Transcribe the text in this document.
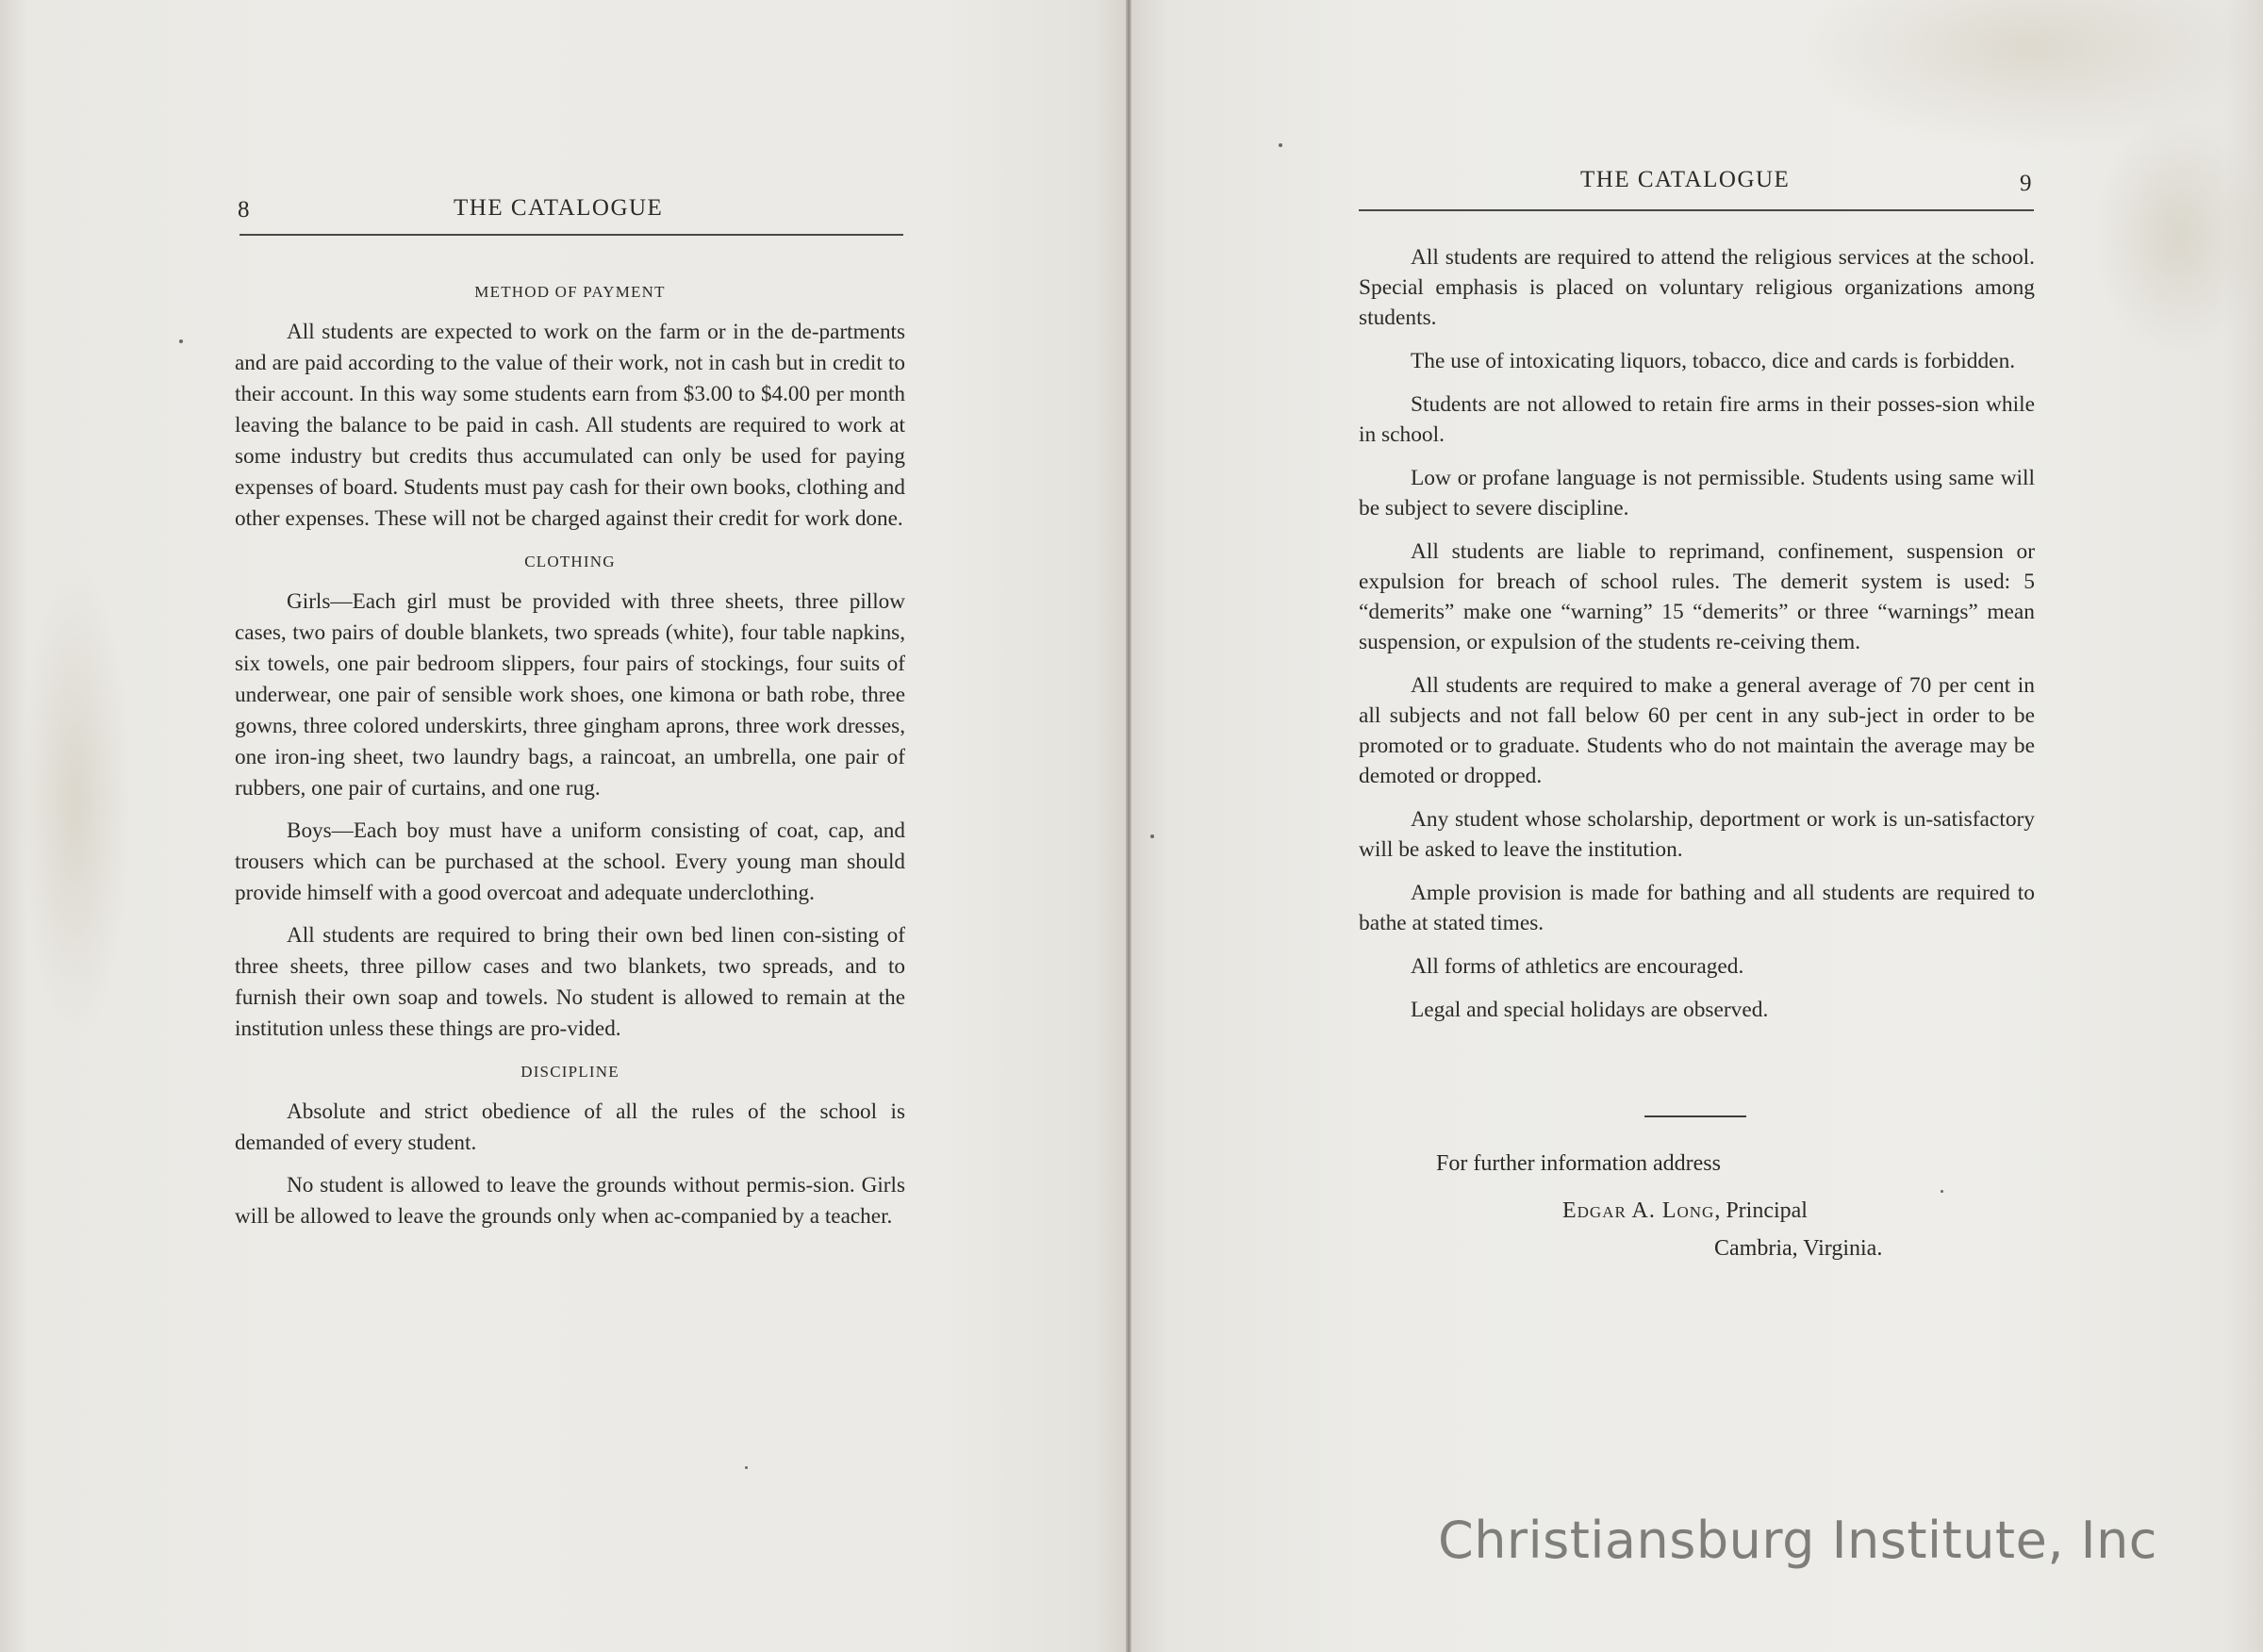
8	THE CATALOGUE
METHOD OF PAYMENT

All students are expected to work on the farm or in the de-partments and are paid according to the value of their work, not in cash but in credit to their account. In this way some students earn from $3.00 to $4.00 per month leaving the balance to be paid in cash. All students are required to work at some industry but credits thus accumulated can only be used for paying expenses of board. Students must pay cash for their own books, clothing and other expenses. These will not be charged against their credit for work done.

CLOTHING

Girls—Each girl must be provided with three sheets, three pillow cases, two pairs of double blankets, two spreads (white), four table napkins, six towels, one pair bedroom slippers, four pairs of stockings, four suits of underwear, one pair of sensible work shoes, one kimona or bath robe, three gowns, three colored underskirts, three gingham aprons, three work dresses, one iron-ing sheet, two laundry bags, a raincoat, an umbrella, one pair of rubbers, one pair of curtains, and one rug.

Boys—Each boy must have a uniform consisting of coat, cap, and trousers which can be purchased at the school. Every young man should provide himself with a good overcoat and adequate underclothing.

All students are required to bring their own bed linen con-sisting of three sheets, three pillow cases and two blankets, two spreads, and to furnish their own soap and towels. No student is allowed to remain at the institution unless these things are pro-vided.

DISCIPLINE

Absolute and strict obedience of all the rules of the school is demanded of every student.

No student is allowed to leave the grounds without permis-sion. Girls will be allowed to leave the grounds only when ac-companied by a teacher.

THE CATALOGUE	9

All students are required to attend the religious services at the school. Special emphasis is placed on voluntary religious organizations among students.

The use of intoxicating liquors, tobacco, dice and cards is forbidden.

Students are not allowed to retain fire arms in their posses-sion while in school.

Low or profane language is not permissible. Students using same will be subject to severe discipline.

All students are liable to reprimand, confinement, suspension or expulsion for breach of school rules. The demerit system is used: 5 “demerits” make one “warning” 15 “demerits” or three “warnings” mean suspension, or expulsion of the students re-ceiving them.

All students are required to make a general average of 70 per cent in all subjects and not fall below 60 per cent in any sub-ject in order to be promoted or to graduate. Students who do not maintain the average may be demoted or dropped.

Any student whose scholarship, deportment or work is un-satisfactory will be asked to leave the institution.

Ample provision is made for bathing and all students are required to bathe at stated times.

All forms of athletics are encouraged.

Legal and special holidays are observed.

For further information address
Edgar A. Long, Principal
Cambria, Virginia.
Christiansburg Institute, Inc
